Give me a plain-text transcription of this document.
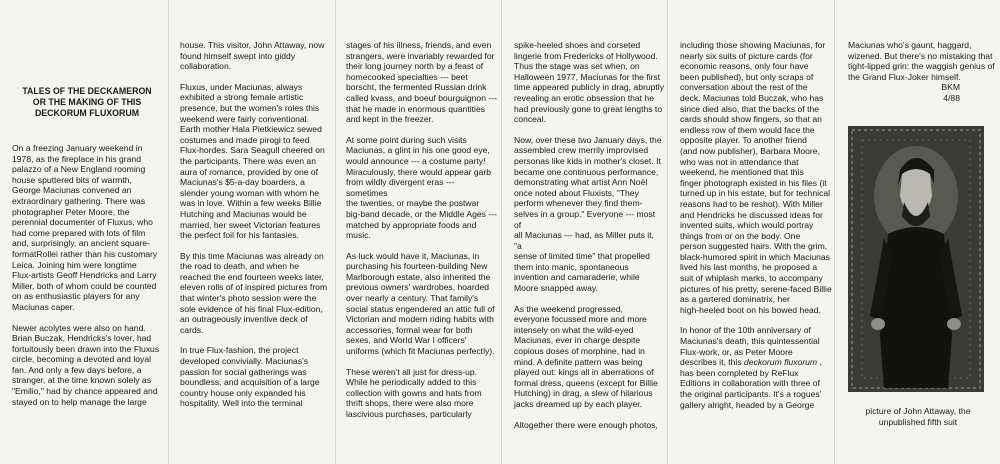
TALES OF THE DECKAMERON
OR THE MAKING OF THIS
DECKORUM FLUXORUM

On a freezing January weekend in
1978, as the fireplace in his grand
palazzo of a New England rooming
house sputtered bits of warmth,
George Maciunas convened an
extraordinary gathering. There was
photographer Peter Moore, the
perennial documenter of Fluxus, who
had come prepared with lots of film
and, surprisingly, an ancient square-
formatRollei rather than his customary
Leica. Joining him were longtime
Flux-artists Geoff Hendricks and Larry
Miller, both of whom could be counted
on as enthusiastic players for any
Maciunas caper.

Newer acolytes were also on hand.
Brian Buczak, Hendricks's lover, had
fortuitously been drawn into the Fluxus
circle, becoming a devoted and loyal
fan. And only a few days before, a
stranger, at the time known solely as
"Emilio," had by chance appeared and
stayed on to help manage the large

house. This visitor, John Attaway, now
found himself swept into giddy
collaboration.

Fluxus, under Maciunas, always
exhibited a strong female artistic
presence, but the women's roles this
weekend were fairly conventional.
Earth mother Hala Pietkiewicz sewed
costumes and made pirogi to feed
Flux-hordes. Sara Seagull cheered on
the participants. There was even an
aura of romance, provided by one of
Maciunas's $5-a-day boarders, a
slender young woman with whom he
was in love. Within a few weeks Billie
Hutching and Maciunas would be
married, her sweet Victorian features
the perfect foil for his fantasies.

By this time Maciunas was already on
the road to death, and when he
reached the end fourteen weeks later,
eleven rolls of of inspired pictures from
that winter's photo session were the
sole evidence of his final Flux-edition,
an outrageously inventive deck of
cards.

In true Flux-fashion, the project
developed convivially. Maciunas's
passion for social gatherings was
boundless, and acquisition of a large
country house only expanded his
hospitality. Well into the terminal

stages of his illness, friends, and even
strangers, were invariably rewarded for
their long journey north by a feast of
homecooked specialties --- beet
borscht, the fermented Russian drink
called kvass, and boeuf bourguignon ---
that he made in enormous quantities
and kept in the freezer.

At some point during such visits
Maciunas, a glint in his one good eye,
would announce --- a costume party!
Miraculously, there would appear garb
from wildly divergent eras --- sometimes
the twenties, or maybe the postwar
big-band decade, or the Middle Ages ---
matched by appropriate foods and
music.

As luck would have it, Maciunas, in
purchasing his fourteen-building New
Marlborough estate, also inherited the
previous owners' wardrobes, hoarded
over nearly a century. That family's
social status engendered an attic full of
Victorian and modern riding habits with
accessories, formal wear for both
sexes, and World War I officers'
uniforms (which fit Maciunas perfectly).

These weren't all just for dress-up.
While he periodically added to this
collection with gowns and hats from
thrift shops, there were also more
lascivious purchases, particularly

spike-heeled shoes and corseted
lingerie from Fredericks of Hollywood.
Thus the stage was set when, on
Halloween 1977, Maciunas for the first
time appeared publicly in drag, abruptly
revealing an erotic obsession that he
had previously gone to great lengths to
conceal.

Now, over these two January days, the
assembled crew merrily improvised
personas like kids in mother's closet. It
became one continuous performance,
demonstrating what artist Ann Noël
once noted about Fluxists, "They
perform whenever they find them-
selves in a group." Everyone --- most of
all Maciunas --- had, as Miller puts it, "a
sense of limited time" that propelled
them into manic, spontaneous
invention and camaraderie, while
Moore snapped away.

As the weekend progressed,
everyone focussed more and more
intensely on what the wild-eyed
Maciunas, ever in charge despite
copious doses of morphine, had in
mind. A definite pattern was being
played out: kings all in aberrations of
formal dress, queens (except for Billie
Hutching) in drag, a slew of hilarious
jacks dreamed up by each player.

Altogether there were enough photos,

including those showing Maciunas, for
nearly six suits of picture cards (for
economic reasons, only four have
been published), but only scraps of
conversation about the rest of the
deck. Maciunas told Buczak, who has
since died also, that the backs of the
cards should show fingers, so that an
endless row of them would face the
opposite player. To another friend
(and now publisher), Barbara Moore,
who was not in attendance that
weekend, he mentioned that this
finger photograph existed in his files (it
turned up in his estate, but for technical
reasons had to be reshot). With Miller
and Hendricks he discussed ideas for
invented suits, which would portray
things from or on the body. One
person suggested hairs. With the grim,
black-humored spirit in which Maciunas
lived his last months, he proposed a
suit of whiplash marks, to accompany
pictures of his pretty, serene-faced Billie
as a gartered dominatrix, her
high-heeled boot on his bowed head.

In honor of the 10th anniversary of
Maciunas's death, this quintessential
Flux-work, or, as Peter Moore
describes it, this deckorum fluxorum ,
has been completed by ReFlux
Editions in collaboration with three of
the original participants. It's a rogues'
gallery alright, headed by a George

Maciunas who's gaunt, haggard,
wizened. But there's no mistaking that
tight-lipped grin: the waggish genius of
the Grand Flux-Joker himself.

BKM
4/88
picture of John Attaway, the
unpublished fifth suit
